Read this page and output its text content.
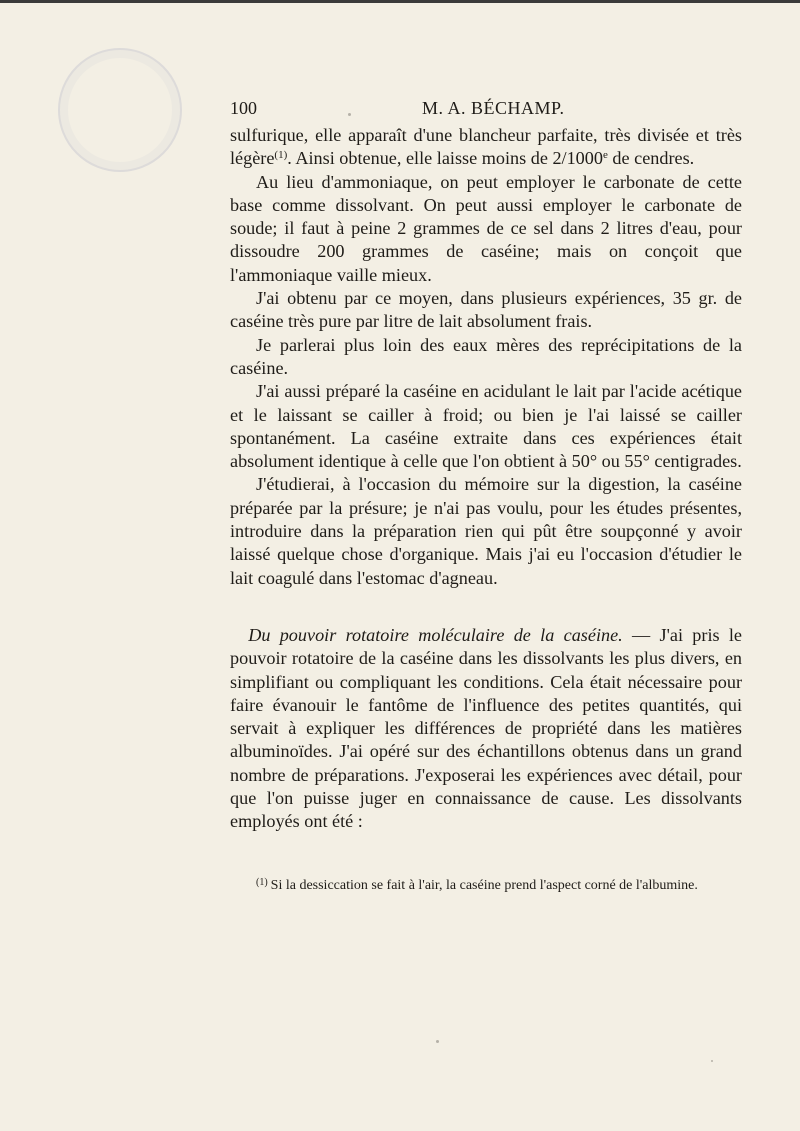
100	M. A. BÉCHAMP.

sulfurique, elle apparaît d'une blancheur parfaite, très divisée et très légère$^{(1)}$. Ainsi obtenue, elle laisse moins de 2/1000e de cendres.

Au lieu d'ammoniaque, on peut employer le carbonate de cette base comme dissolvant. On peut aussi employer le carbonate de soude; il faut à peine 2 grammes de ce sel dans 2 litres d'eau, pour dissoudre 200 grammes de caséine; mais on conçoit que l'ammoniaque vaille mieux.

J'ai obtenu par ce moyen, dans plusieurs expériences, 35 gr. de caséine très pure par litre de lait absolument frais.

Je parlerai plus loin des eaux mères des reprécipitations de la caséine.

J'ai aussi préparé la caséine en acidulant le lait par l'acide acétique et le laissant se cailler à froid; ou bien je l'ai laissé se cailler spontanément. La caséine extraite dans ces expériences était absolument identique à celle que l'on obtient à 50° ou 55° centigrades.

J'étudierai, à l'occasion du mémoire sur la digestion, la caséine préparée par la présure; je n'ai pas voulu, pour les études présentes, introduire dans la préparation rien qui pût être soupçonné y avoir laissé quelque chose d'organique. Mais j'ai eu l'occasion d'étudier le lait coagulé dans l'estomac d'agneau.

 Du pouvoir rotatoire moléculaire de la caséine. — J'ai pris le pouvoir rotatoire de la caséine dans les dissolvants les plus divers, en simplifiant ou compliquant les conditions. Cela était nécessaire pour faire évanouir le fantôme de l'influence des petites quantités, qui servait à expliquer les différences de propriété dans les matières albuminoïdes. J'ai opéré sur des échantillons obtenus dans un grand nombre de préparations. J'exposerai les expériences avec détail, pour que l'on puisse juger en connaissance de cause. Les dissolvants employés ont été :

$^{(1)}$ Si la dessiccation se fait à l'air, la caséine prend l'aspect corné de l'albumine.
